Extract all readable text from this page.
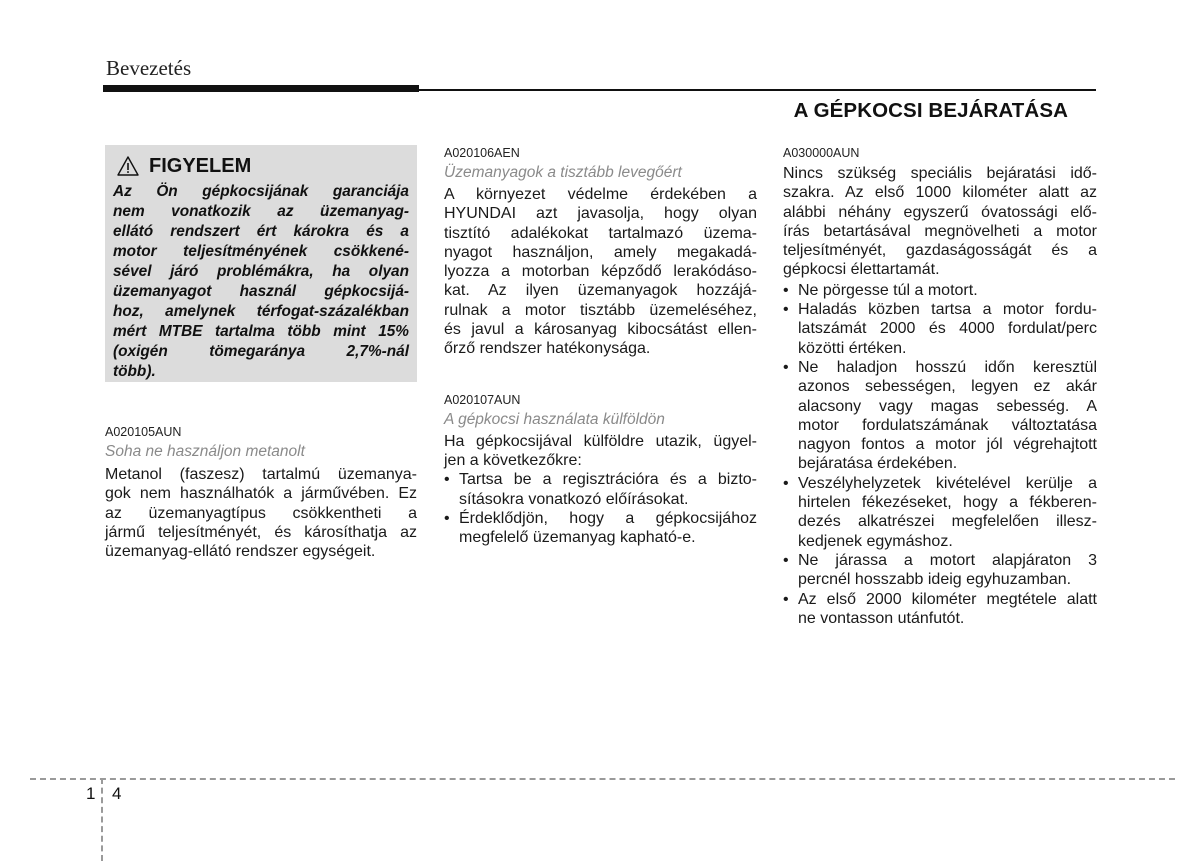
Bevezetés
A GÉPKOCSI BEJÁRATÁSA
FIGYELEM
Az Ön gépkocsijának garanciája
nem vonatkozik az üzemanyag-
ellátó rendszert ért károkra és a
motor teljesítményének csökkené-
sével járó problémákra, ha olyan
üzemanyagot használ gépkocsijá-
hoz, amelynek térfogat-százalékban
mért MTBE tartalma több mint 15%
(oxigén tömegaránya 2,7%-nál
több).
A020105AUN
Soha ne használjon metanolt
Metanol (faszesz) tartalmú üzemanya-
gok nem használhatók a járművében. Ez
az üzemanyagtípus csökkentheti a
jármű teljesítményét, és károsíthatja az
üzemanyag-ellátó rendszer egységeit.
A020106AEN
Üzemanyagok a tisztább levegőért
A környezet védelme érdekében a
HYUNDAI azt javasolja, hogy olyan
tisztító adalékokat tartalmazó üzema-
nyagot használjon, amely megakadá-
lyozza a motorban képződő lerakódáso-
kat. Az ilyen üzemanyagok hozzájá-
rulnak a motor tisztább üzemeléséhez,
és javul a károsanyag kibocsátást ellen-
őrző rendszer hatékonysága.
A020107AUN
A gépkocsi használata külföldön
Ha gépkocsijával külföldre utazik, ügyel-
jen a következőkre:
• Tartsa be a regisztrációra és a bizto-
sításokra vonatkozó előírásokat.
• Érdeklődjön, hogy a gépkocsijához
megfelelő üzemanyag kapható-e.
A030000AUN
Nincs szükség speciális bejáratási idő-
szakra. Az első 1000 kilométer alatt az
alábbi néhány egyszerű óvatossági elő-
írás betartásával megnövelheti a motor
teljesítményét, gazdaságosságát és a
gépkocsi élettartamát.
• Ne pörgesse túl a motort.
• Haladás közben tartsa a motor fordu-
latszámát 2000 és 4000 fordulat/perc
közötti értéken.
• Ne haladjon hosszú időn keresztül
azonos sebességen, legyen ez akár
alacsony vagy magas sebesség. A
motor fordulatszámának változtatása
nagyon fontos a motor jól végrehajtott
bejáratása érdekében.
• Veszélyhelyzetek kivételével kerülje a
hirtelen fékezéseket, hogy a fékberen-
dezés alkatrészei megfelelően illesz-
kedjenek egymáshoz.
• Ne járassa a motort alapjáraton 3
percnél hosszabb ideig egyhuzamban.
• Az első 2000 kilométer megtétele alatt
ne vontasson utánfutót.
1 4
